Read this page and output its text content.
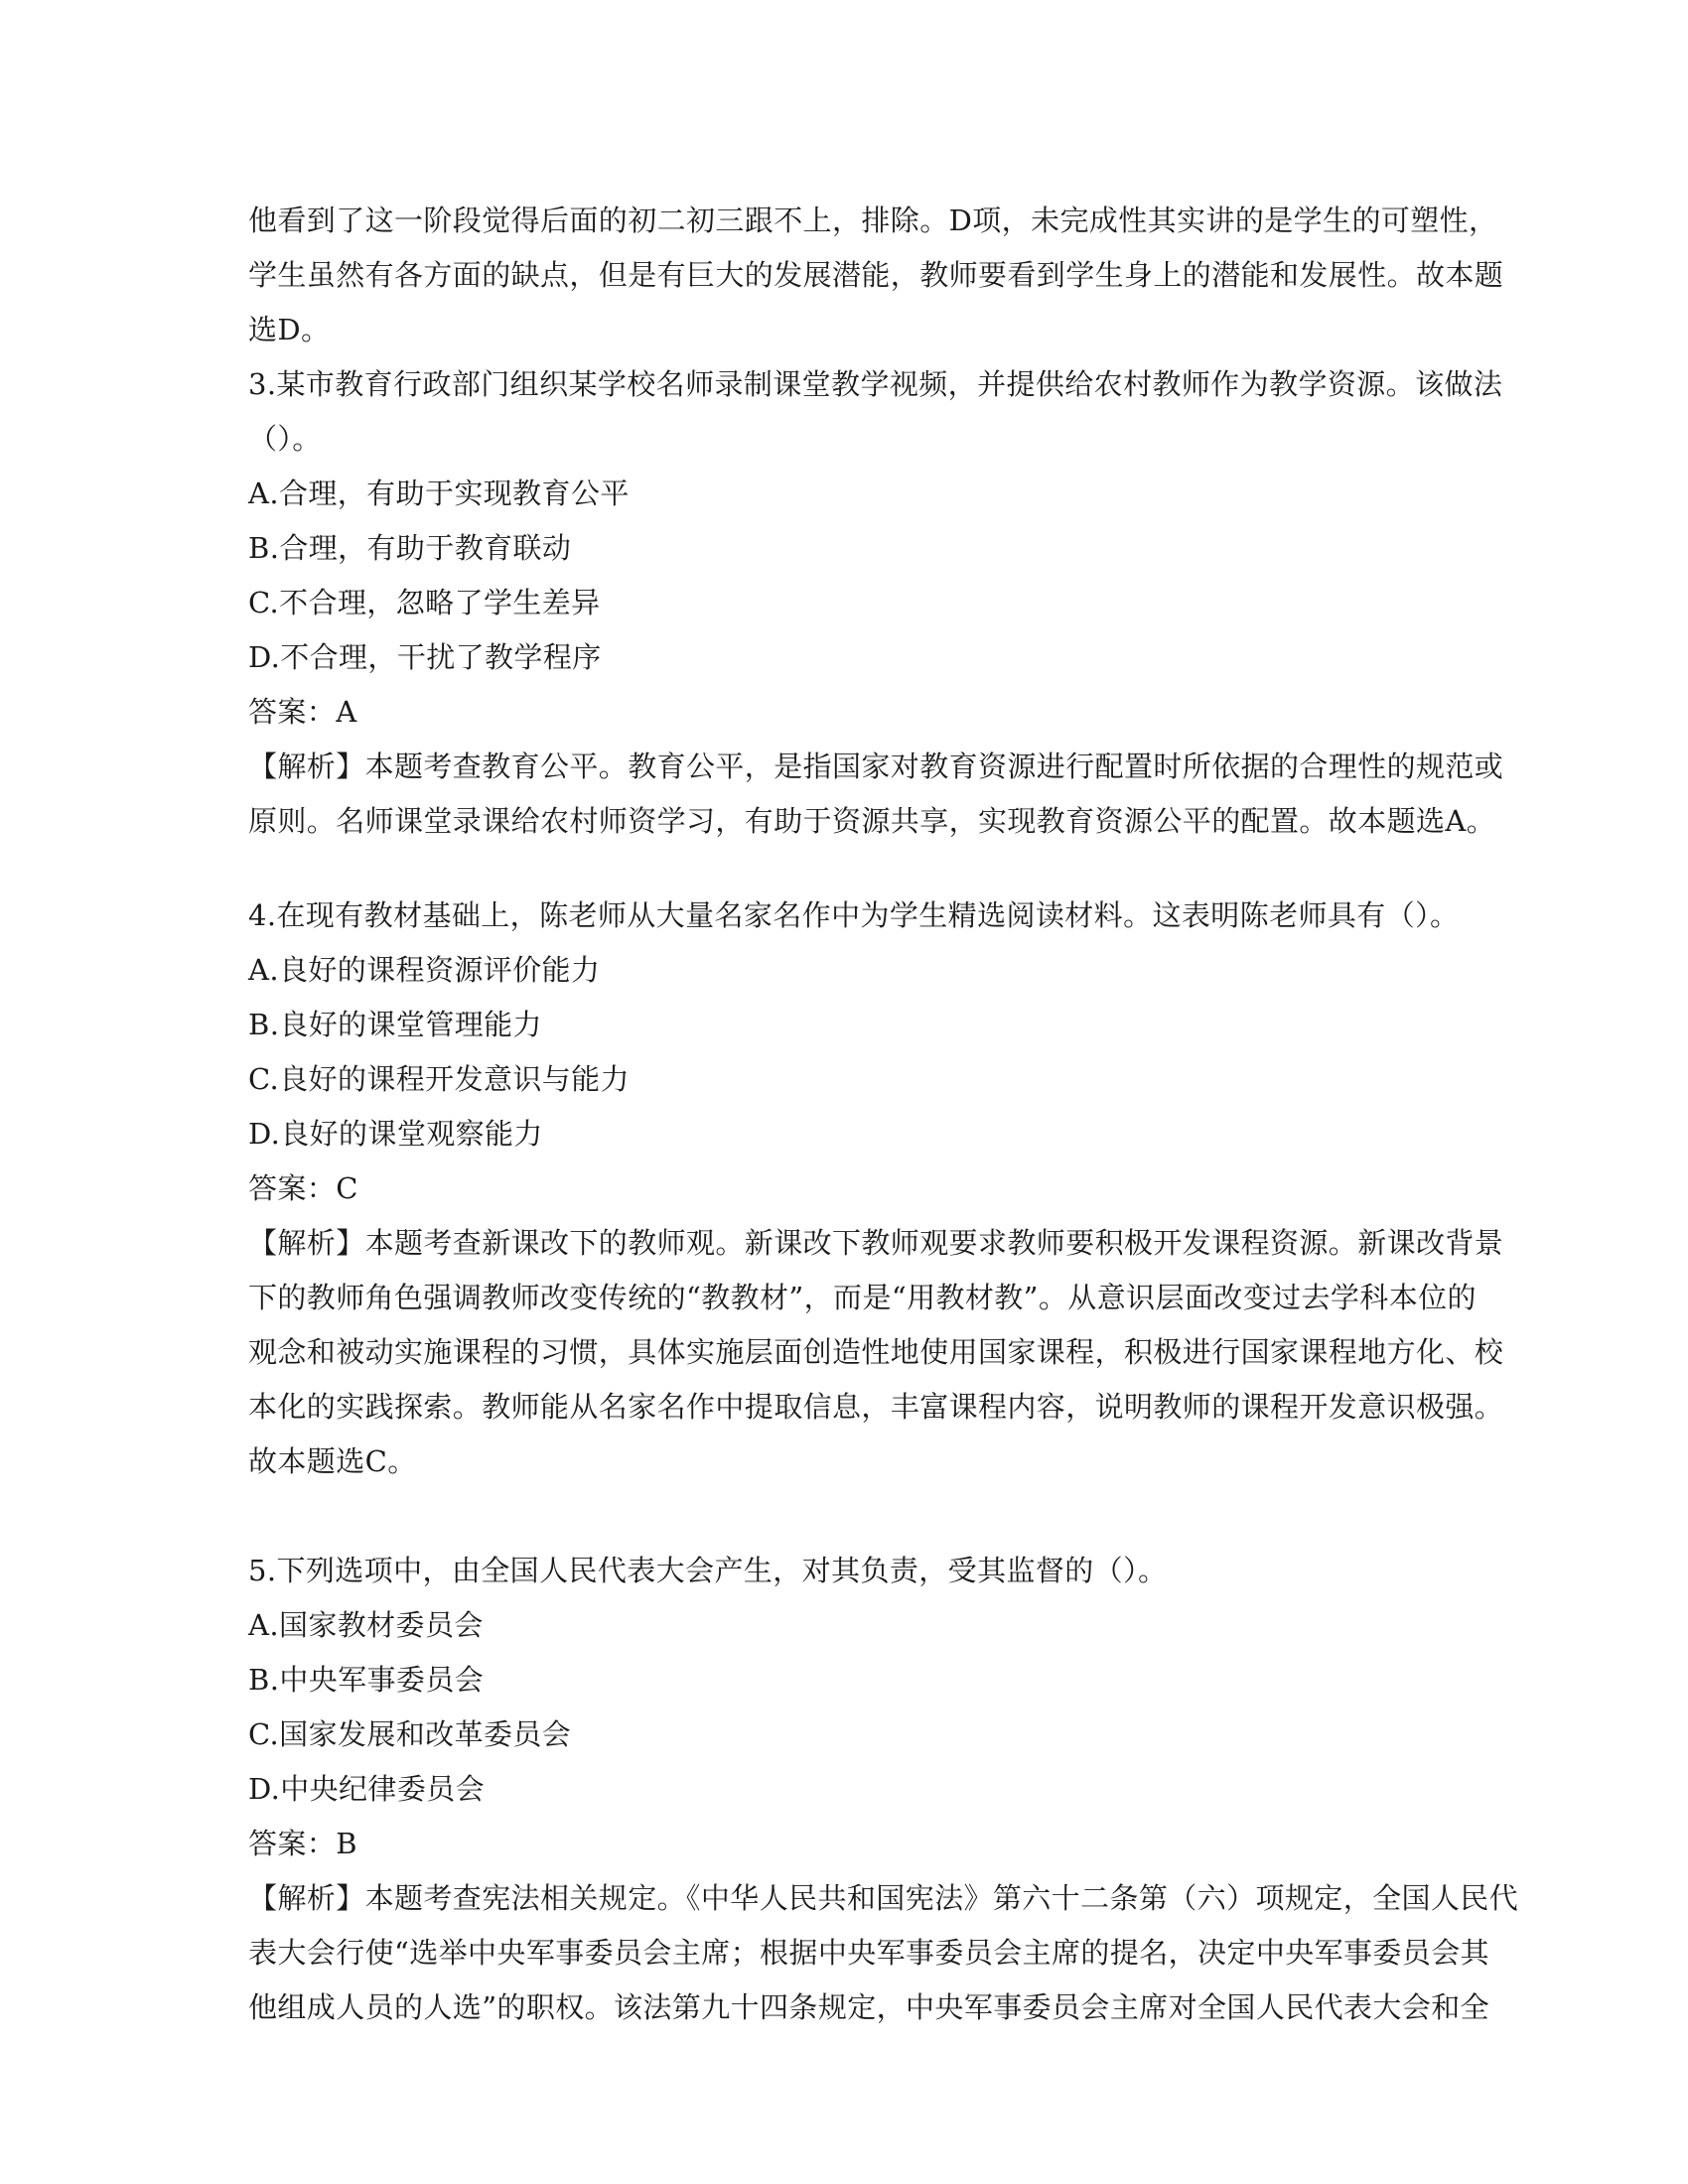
他看到了这一阶段觉得后面的初二初三跟不上，排除。D项，未完成性其实讲的是学生的可塑性，
学生虽然有各方面的缺点，但是有巨大的发展潜能，教师要看到学生身上的潜能和发展性。故本题
选D。
3.某市教育行政部门组织某学校名师录制课堂教学视频，并提供给农村教师作为教学资源。该做法
（）。
A.合理，有助于实现教育公平
B.合理，有助于教育联动
C.不合理，忽略了学生差异
D.不合理，干扰了教学程序
答案：A
【解析】本题考查教育公平。教育公平，是指国家对教育资源进行配置时所依据的合理性的规范或
原则。名师课堂录课给农村师资学习，有助于资源共享，实现教育资源公平的配置。故本题选A。
4.在现有教材基础上，陈老师从大量名家名作中为学生精选阅读材料。这表明陈老师具有（）。
A.良好的课程资源评价能力
B.良好的课堂管理能力
C.良好的课程开发意识与能力
D.良好的课堂观察能力
答案：C
【解析】本题考查新课改下的教师观。新课改下教师观要求教师要积极开发课程资源。新课改背景
下的教师角色强调教师改变传统的“教教材”，而是“用教材教”。从意识层面改变过去学科本位的
观念和被动实施课程的习惯，具体实施层面创造性地使用国家课程，积极进行国家课程地方化、校
本化的实践探索。教师能从名家名作中提取信息，丰富课程内容，说明教师的课程开发意识极强。
故本题选C。
5.下列选项中，由全国人民代表大会产生，对其负责，受其监督的（）。
A.国家教材委员会
B.中央军事委员会
C.国家发展和改革委员会
D.中央纪律委员会
答案：B
【解析】本题考查宪法相关规定。《中华人民共和国宪法》第六十二条第（六）项规定，全国人民代
表大会行使“选举中央军事委员会主席；根据中央军事委员会主席的提名，决定中央军事委员会其
他组成人员的人选”的职权。该法第九十四条规定，中央军事委员会主席对全国人民代表大会和全
